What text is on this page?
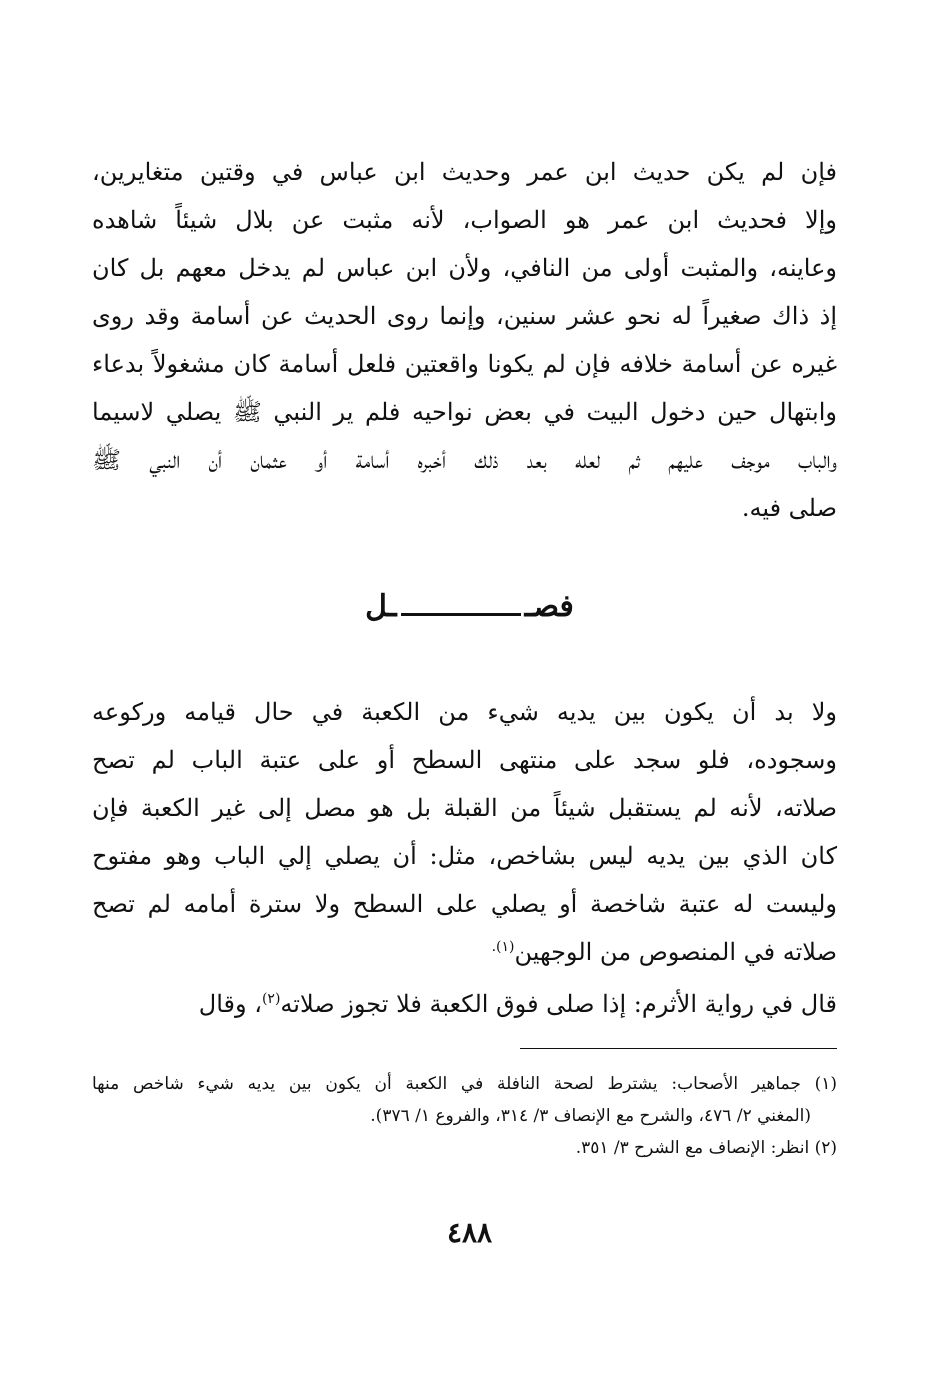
فإن لم يكن حديث ابن عمر وحديث ابن عباس في وقتين متغايرين،
وإلا فحديث ابن عمر هو الصواب، لأنه مثبت عن بلال شيئاً شاهده
وعاينه، والمثبت أولى من النافي، ولأن ابن عباس لم يدخل معهم بل كان
إذ ذاك صغيراً له نحو عشر سنين، وإنما روى الحديث عن أسامة وقد روى
غيره عن أسامة خلافه فإن لم يكونا واقعتين فلعل أسامة كان مشغولاً بدعاء
وابتهال حين دخول البيت في بعض نواحيه فلم ير النبي ﷺ يصلي لاسيما
والباب موجف عليهم ثم لعله بعد ذلك أخبره أسامة أو عثمان أن النبي ﷺ
صلى فيه.
فصــل
ولا بد أن يكون بين يديه شيء من الكعبة في حال قيامه وركوعه
وسجوده، فلو سجد على منتهى السطح أو على عتبة الباب لم تصح
صلاته، لأنه لم يستقبل شيئاً من القبلة بل هو مصل إلى غير الكعبة فإن
كان الذي بين يديه ليس بشاخص، مثل: أن يصلي إلي الباب وهو مفتوح
وليست له عتبة شاخصة أو يصلي على السطح ولا سترة أمامه لم تصح
صلاته في المنصوص من الوجهين$^{(١).}$
قال في رواية الأثرم: إذا صلى فوق الكعبة فلا تجوز صلاته$^{(٢)}$، وقال
(١) جماهير الأصحاب: يشترط لصحة النافلة في الكعبة أن يكون بين يديه شيء شاخص منها
(المغني ٢/ ٤٧٦، والشرح مع الإنصاف ٣/ ٣١٤، والفروع ١/ ٣٧٦).
(٢) انظر: الإنصاف مع الشرح ٣/ ٣٥١.
٤٨٨
